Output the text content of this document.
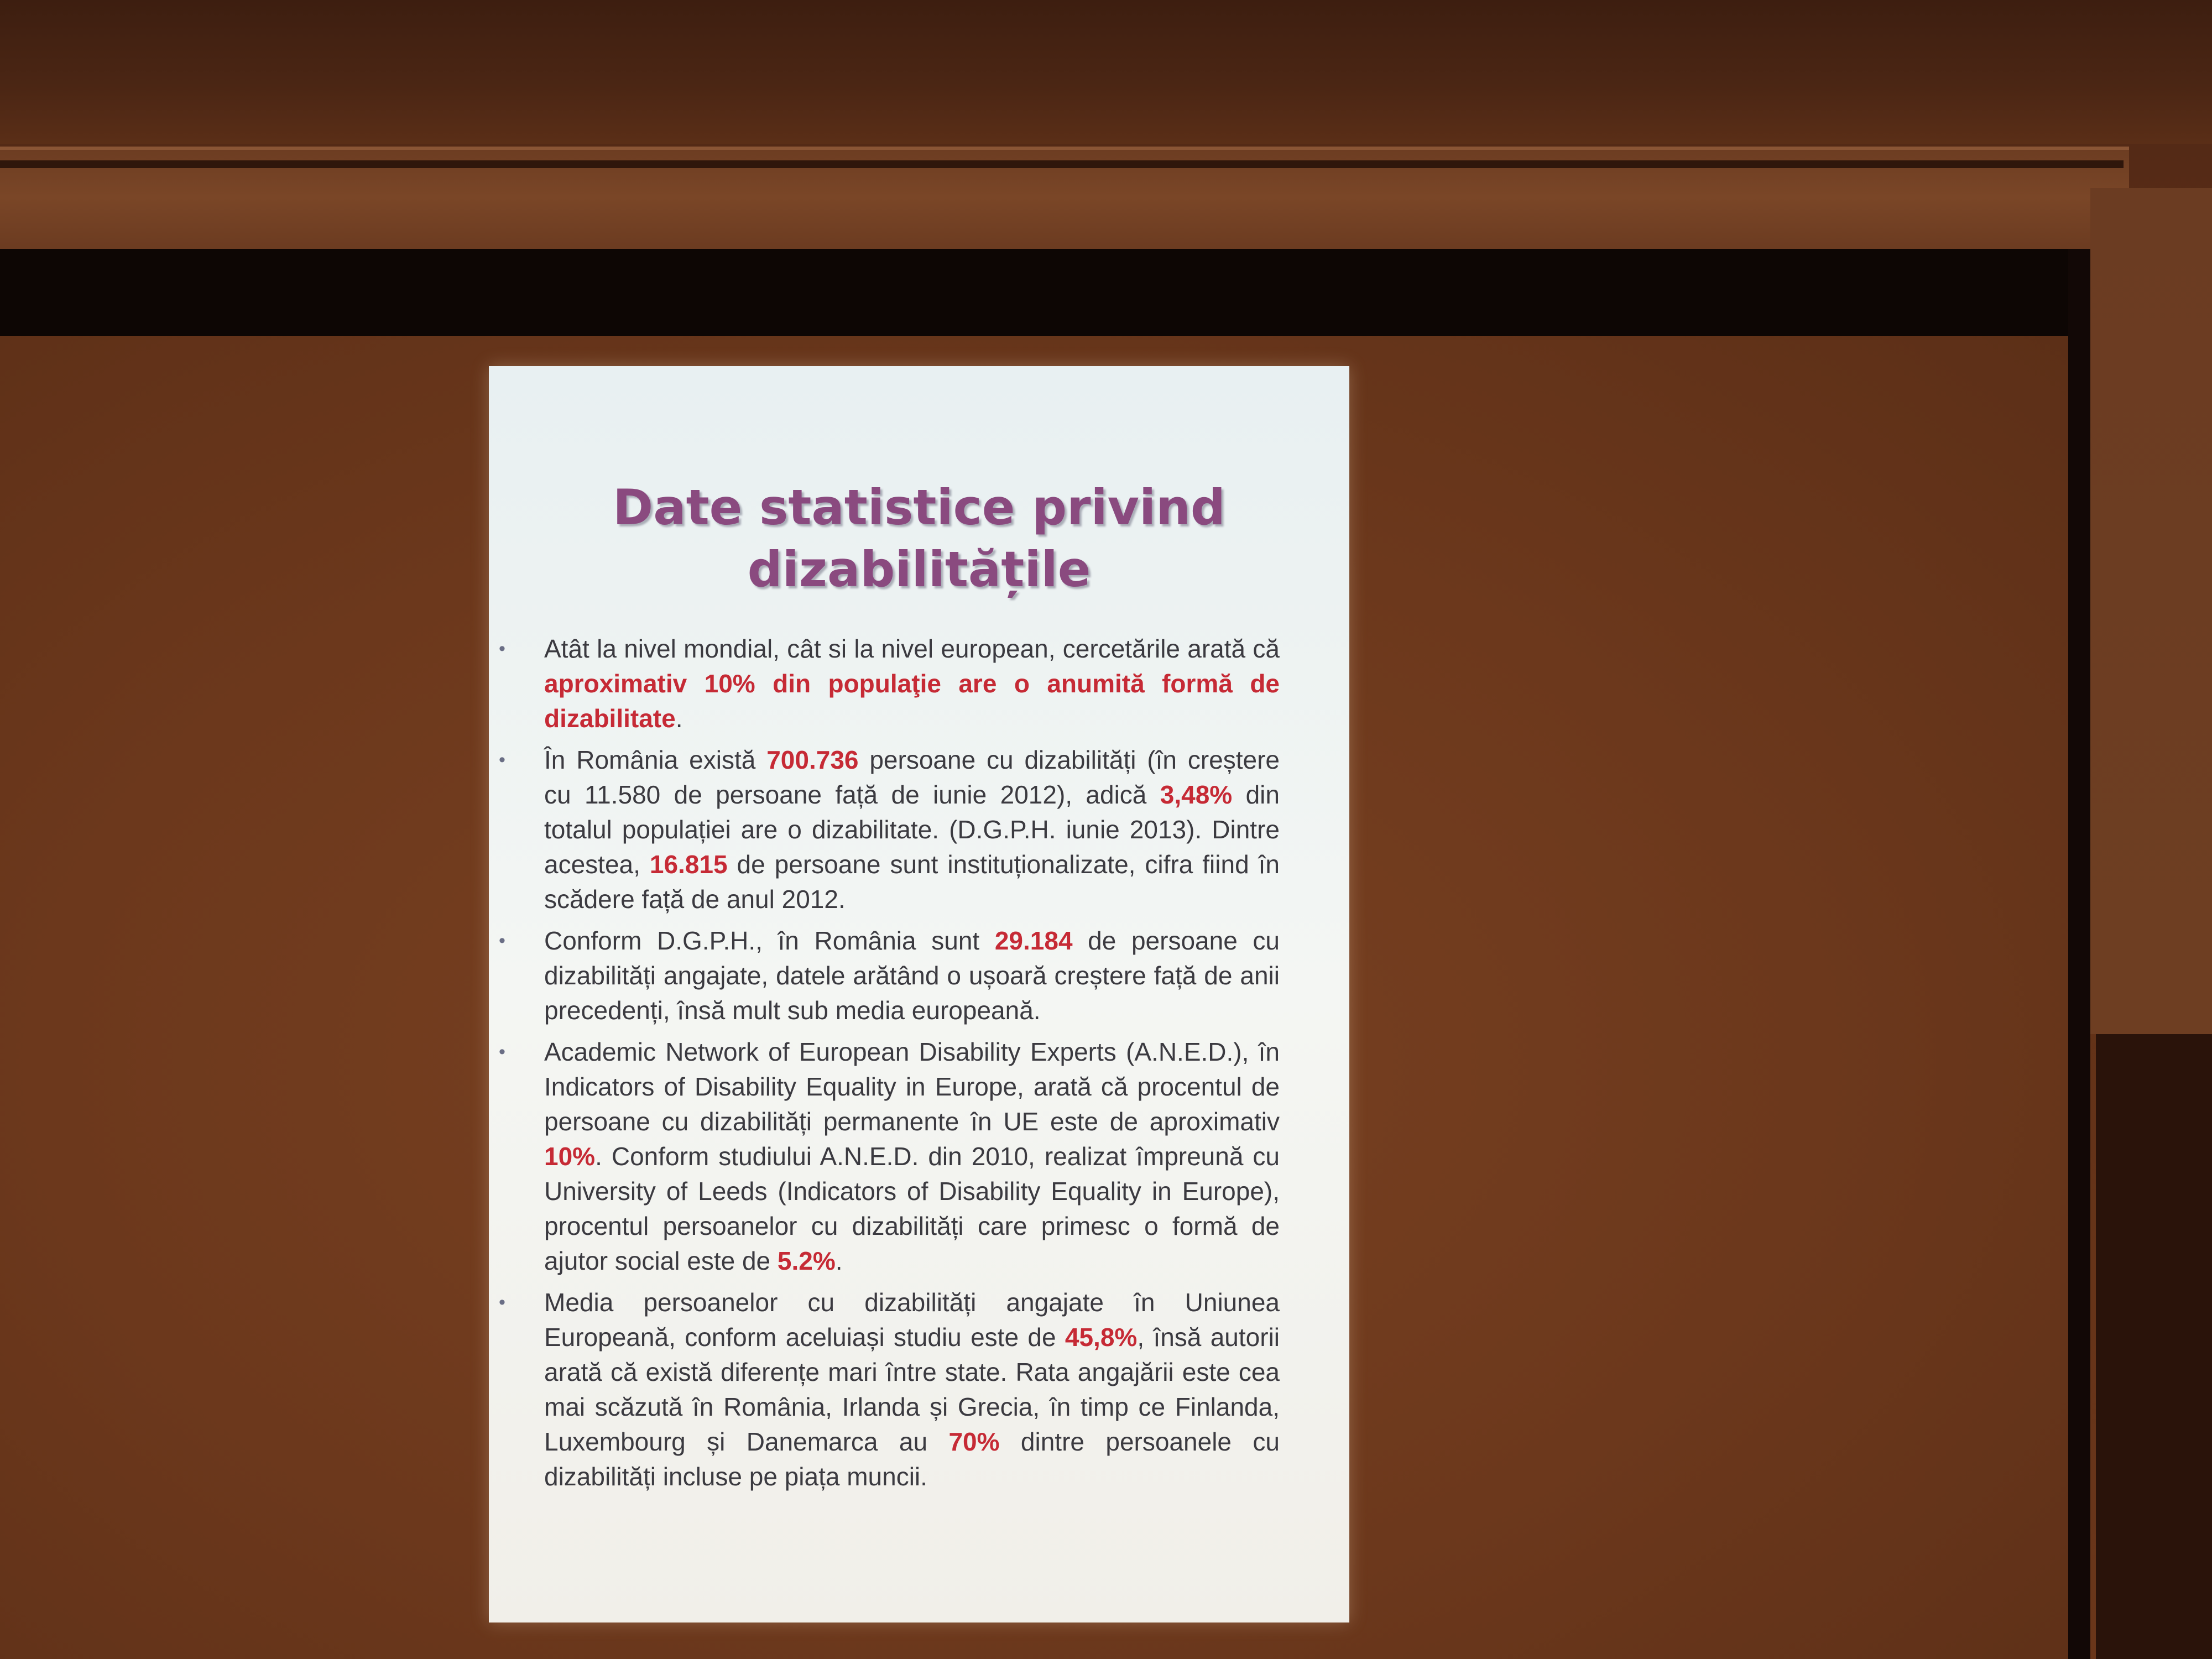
Date statistice privind
dizabilitățile
• Atât la nivel mondial, cât si la nivel european, cercetările arată că aproximativ 10% din populaţie are o anumită formă de dizabilitate.
• În România există 700.736 persoane cu dizabilități (în creștere cu 11.580 de persoane față de iunie 2012), adică 3,48% din totalul populației are o dizabilitate. (D.G.P.H. iunie 2013). Dintre acestea, 16.815 de persoane sunt instituționalizate, cifra fiind în scădere față de anul 2012.
• Conform D.G.P.H., în România sunt 29.184 de persoane cu dizabilități angajate, datele arătând o ușoară creștere față de anii precedenți, însă mult sub media europeană.
• Academic Network of European Disability Experts (A.N.E.D.), în Indicators of Disability Equality in Europe, arată că procentul de persoane cu dizabilități permanente în UE este de aproximativ 10%. Conform studiului A.N.E.D. din 2010, realizat împreună cu University of Leeds (Indicators of Disability Equality in Europe), procentul persoanelor cu dizabilități care primesc o formă de ajutor social este de 5.2%.
• Media persoanelor cu dizabilități angajate în Uniunea Europeană, conform aceluiași studiu este de 45,8%, însă autorii arată că există diferențe mari între state. Rata angajării este cea mai scăzută în România, Irlanda și Grecia, în timp ce Finlanda, Luxembourg și Danemarca au 70% dintre persoanele cu dizabilități incluse pe piața muncii.
